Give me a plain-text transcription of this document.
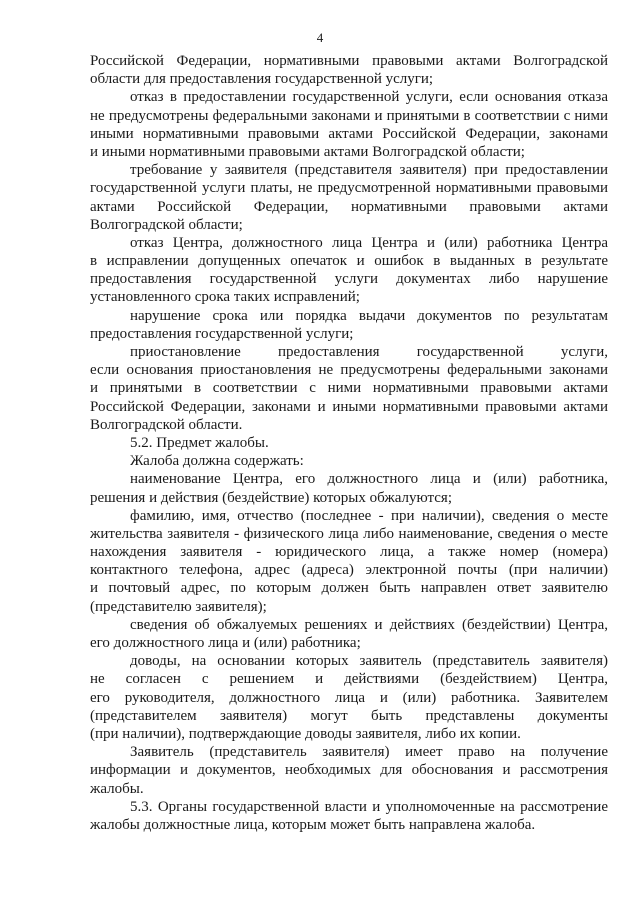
4
Российской Федерации, нормативными правовыми актами Волгоградской
области для предоставления государственной услуги;
отказ в предоставлении государственной услуги, если основания отказа
не предусмотрены федеральными законами и принятыми в соответствии с ними
иными нормативными правовыми актами Российской Федерации, законами
и иными нормативными правовыми актами Волгоградской области;
требование у заявителя (представителя заявителя) при предоставлении
государственной услуги платы, не предусмотренной нормативными правовыми
актами Российской Федерации, нормативными правовыми актами
Волгоградской области;
отказ Центра, должностного лица Центра и (или) работника Центра
в исправлении допущенных опечаток и ошибок в выданных в результате
предоставления государственной услуги документах либо нарушение
установленного срока таких исправлений;
нарушение срока или порядка выдачи документов по результатам
предоставления государственной услуги;
приостановление предоставления государственной услуги,
если основания приостановления не предусмотрены федеральными законами
и принятыми в соответствии с ними нормативными правовыми актами
Российской Федерации, законами и иными нормативными правовыми актами
Волгоградской области.
5.2. Предмет жалобы.
Жалоба должна содержать:
наименование Центра, его должностного лица и (или) работника,
решения и действия (бездействие) которых обжалуются;
фамилию, имя, отчество (последнее - при наличии), сведения о месте
жительства заявителя - физического лица либо наименование, сведения о месте
нахождения заявителя - юридического лица, а также номер (номера)
контактного телефона, адрес (адреса) электронной почты (при наличии)
и почтовый адрес, по которым должен быть направлен ответ заявителю
(представителю заявителя);
сведения об обжалуемых решениях и действиях (бездействии) Центра,
его должностного лица и (или) работника;
доводы, на основании которых заявитель (представитель заявителя)
не согласен с решением и действиями (бездействием) Центра,
его руководителя, должностного лица и (или) работника. Заявителем
(представителем заявителя) могут быть представлены документы
(при наличии), подтверждающие доводы заявителя, либо их копии.
Заявитель (представитель заявителя) имеет право на получение
информации и документов, необходимых для обоснования и рассмотрения
жалобы.
5.3. Органы государственной власти и уполномоченные на рассмотрение
жалобы должностные лица, которым может быть направлена жалоба.
